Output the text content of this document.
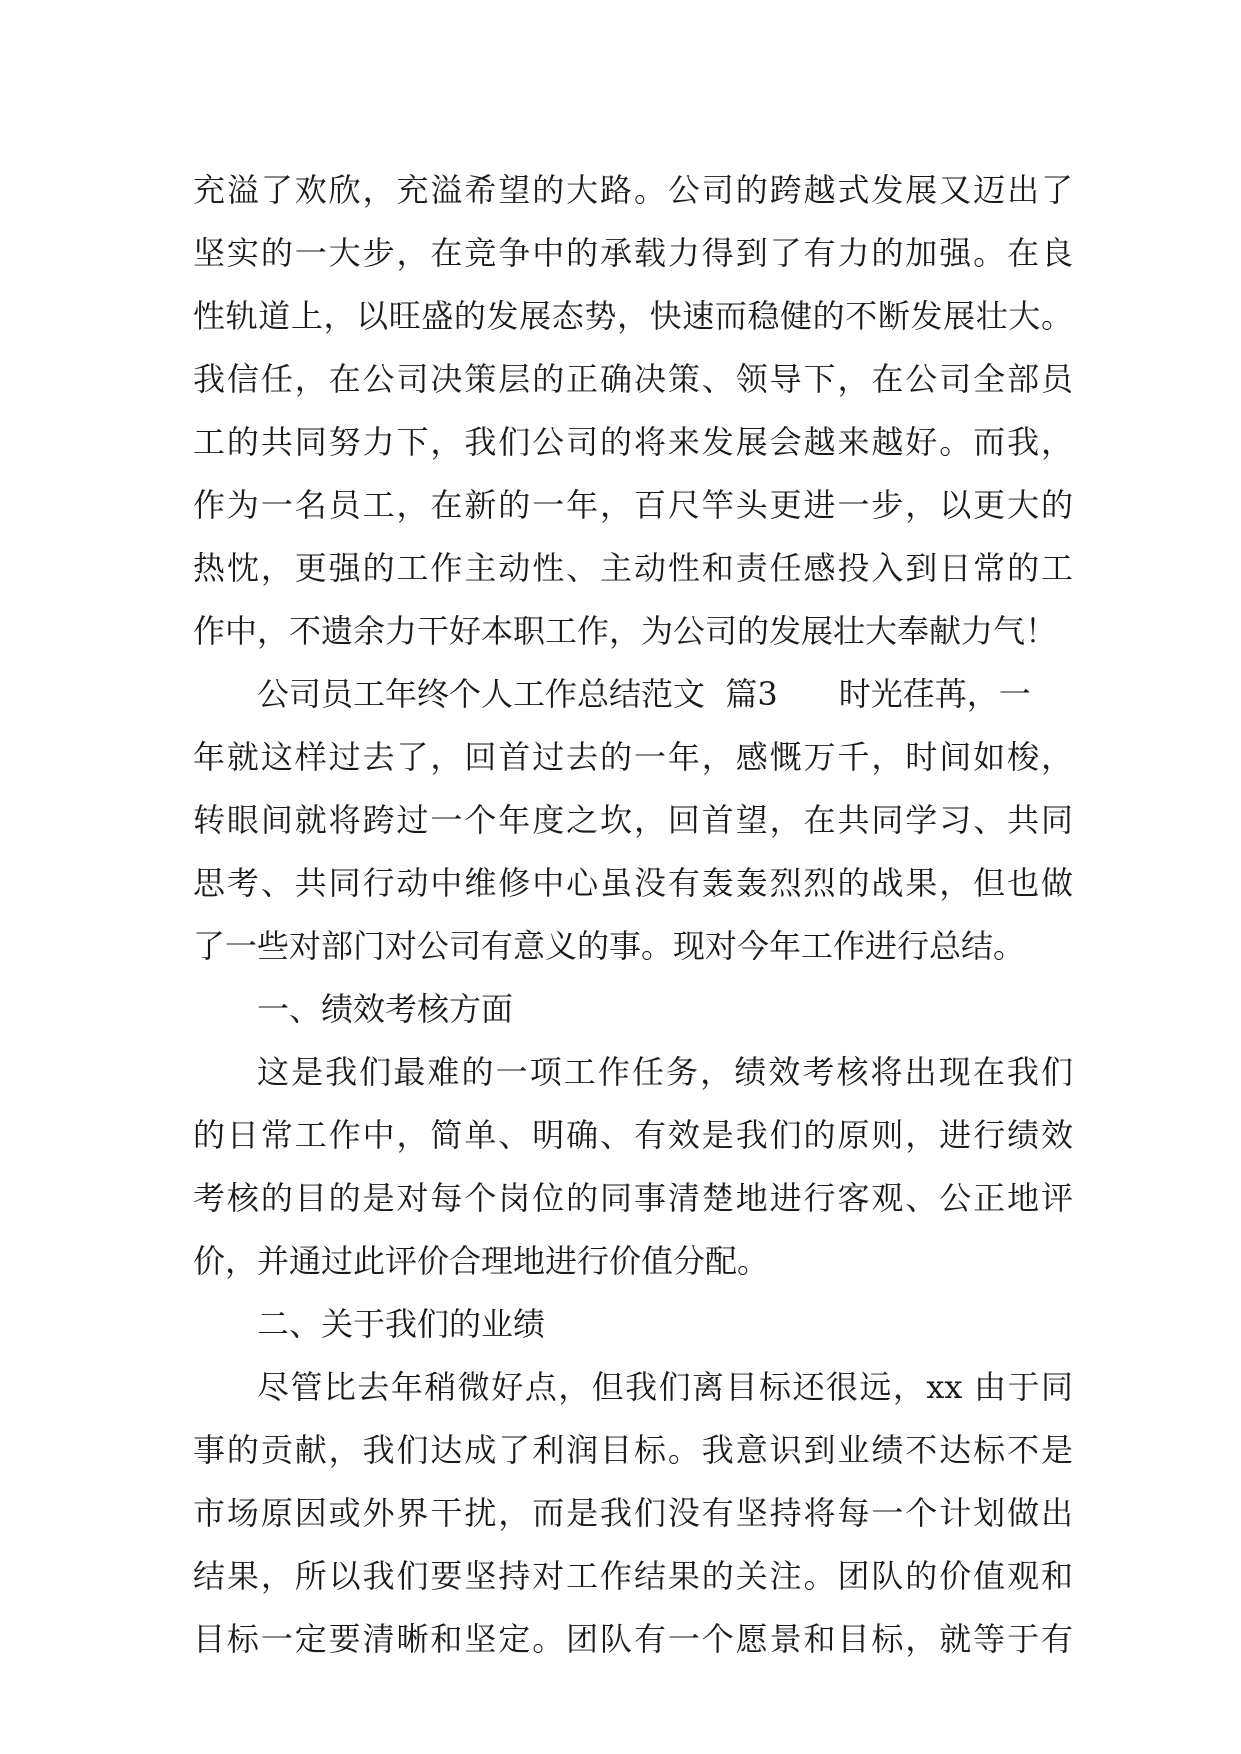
充溢了欢欣，充溢希望的大路。公司的跨越式发展又迈出了
坚实的一大步，在竞争中的承载力得到了有力的加强。在良
性轨道上，以旺盛的发展态势，快速而稳健的不断发展壮大。
我信任，在公司决策层的正确决策、领导下，在公司全部员
工的共同努力下，我们公司的将来发展会越来越好。而我，
作为一名员工，在新的一年，百尺竿头更进一步，以更大的
热忱，更强的工作主动性、主动性和责任感投入到日常的工
作中，不遗余力干好本职工作，为公司的发展壮大奉献力气！
公司员工年终个人工作总结范文  篇3      时光荏苒，一
年就这样过去了，回首过去的一年，感慨万千，时间如梭，
转眼间就将跨过一个年度之坎，回首望，在共同学习、共同
思考、共同行动中维修中心虽没有轰轰烈烈的战果，但也做
了一些对部门对公司有意义的事。现对今年工作进行总结。
一、绩效考核方面
这是我们最难的一项工作任务，绩效考核将出现在我们
的日常工作中，简单、明确、有效是我们的原则，进行绩效
考核的目的是对每个岗位的同事清楚地进行客观、公正地评
价，并通过此评价合理地进行价值分配。
二、关于我们的业绩
尽管比去年稍微好点，但我们离目标还很远，xx 由于同
事的贡献，我们达成了利润目标。我意识到业绩不达标不是
市场原因或外界干扰，而是我们没有坚持将每一个计划做出
结果，所以我们要坚持对工作结果的关注。团队的价值观和
目标一定要清晰和坚定。团队有一个愿景和目标，就等于有
